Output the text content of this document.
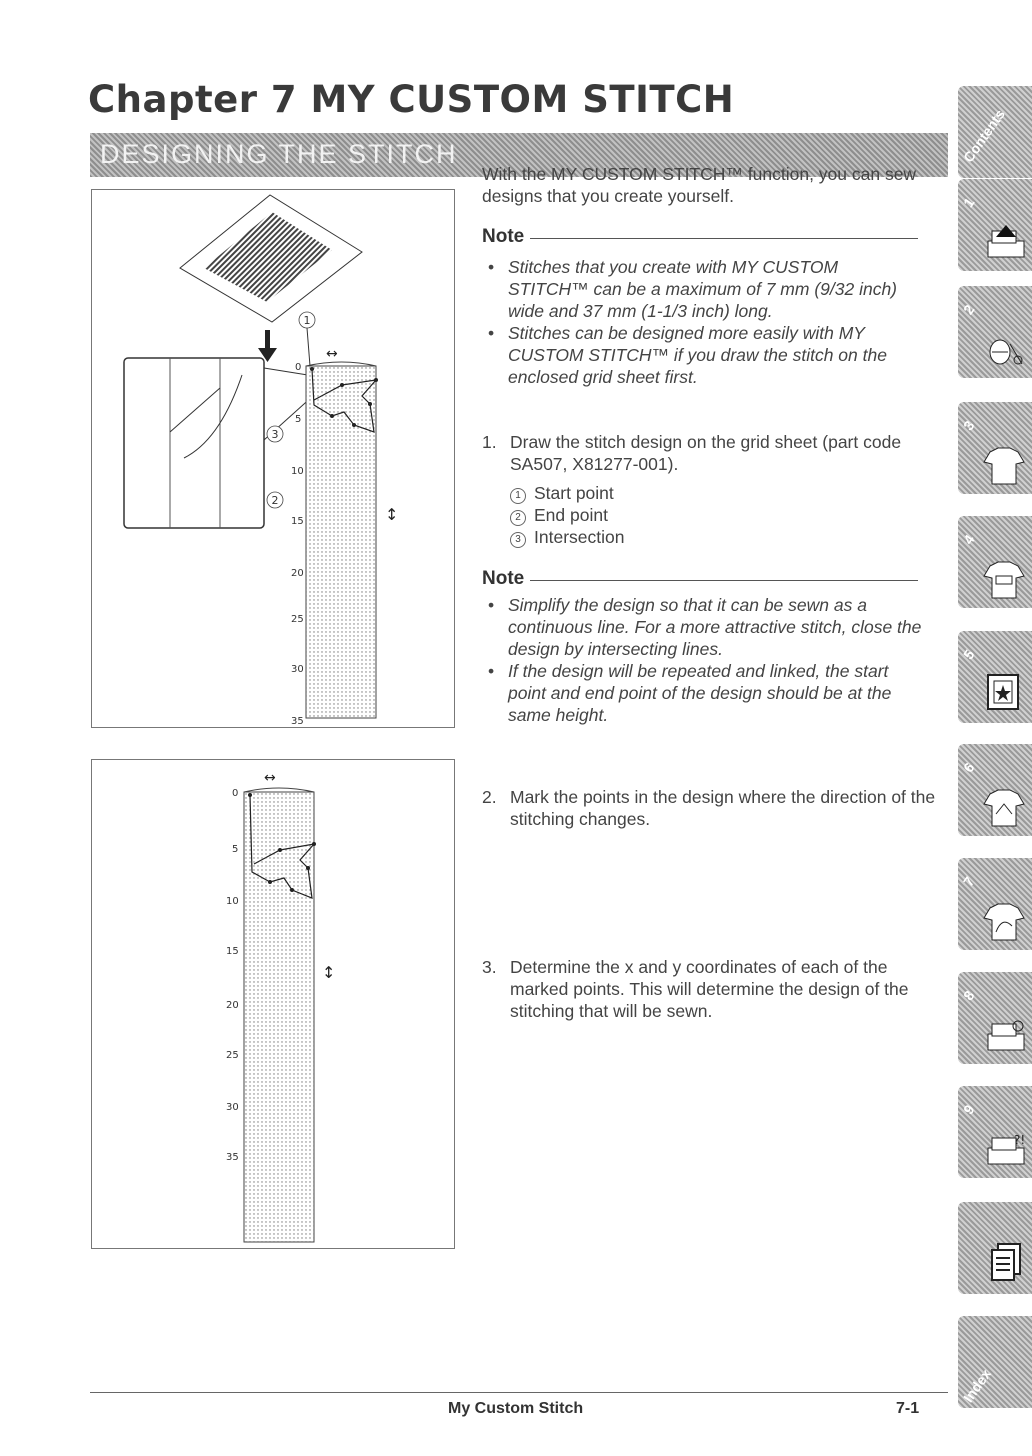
Chapter 7 MY CUSTOM STITCH
DESIGNING THE STITCH
↔
↕
0
5
10
15
20
25
30
35
1
3
2
With the MY CUSTOM STITCH™ function, you can sew designs that you create yourself.
Note
• Stitches that you create with MY CUSTOM STITCH™ can be a maximum of 7 mm (9/32 inch) wide and 37 mm (1-1/3 inch) long.
• Stitches can be designed more easily with MY CUSTOM STITCH™ if you draw the stitch on the enclosed grid sheet first.
1. Draw the stitch design on the grid sheet (part code SA507, X81277-001).
1 Start point
2 End point
3 Intersection
Note
• Simplify the design so that it can be sewn as a continuous line. For a more attractive stitch, close the design by intersecting lines.
• If the design will be repeated and linked, the start point and end point of the design should be at the same height.
↔
↕
0
5
10
15
20
25
30
35
2. Mark the points in the design where the direction of the stitching changes.
3. Determine the x and y coordinates of each of the marked points. This will determine the design of the stitching that will be sewn.
Contents
1
2
3
4
5
6
7
8
9
?!
Index
My Custom Stitch	7-1
